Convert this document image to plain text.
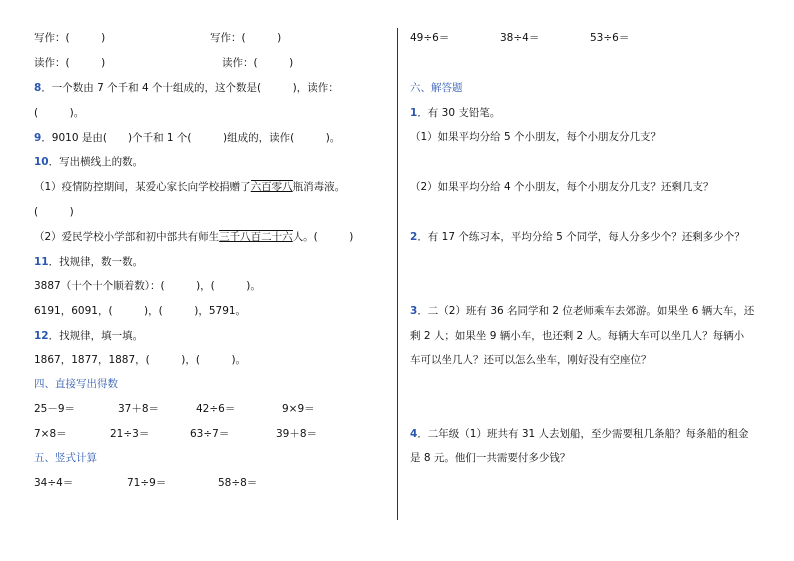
写作：(　　　)	写作：(　　　)
读作：(　　　)	读作：(　　　)
8．一个数由 7 个千和 4 个十组成的，这个数是(　　　)，读作：
(　　　)。
9．9010 是由(　　)个千和 1 个(　　　)组成的，读作(　　　)。
10．写出横线上的数。
（1）疫情防控期间，某爱心家长向学校捐赠了六百零八瓶消毒液。
(　　　)
（2）爱民学校小学部和初中部共有师生三千八百二十六人。(　　　)
11．找规律，数一数。
3887（十个十个顺着数）：(　　　)，(　　　)。
6191，6091，(　　　)，(　　　)，5791。
12．找规律，填一填。
1867，1877，1887，(　　　)，(　　　)。
四、直接写出得数
25－9＝	37＋8＝	42÷6＝	9×9＝
7×8＝	21÷3＝	63÷7＝	39＋8＝
五、竖式计算
34÷4＝	71÷9＝	58÷8＝
49÷6＝	38÷4＝	53÷6＝
六、解答题
1．有 30 支铅笔。
（1）如果平均分给 5 个小朋友，每个小朋友分几支？
（2）如果平均分给 4 个小朋友，每个小朋友分几支？还剩几支？
2．有 17 个练习本，平均分给 5 个同学，每人分多少个？还剩多少个？
3．二（2）班有 36 名同学和 2 位老师乘车去郊游。如果坐 6 辆大车，还
剩 2 人；如果坐 9 辆小车，也还剩 2 人。每辆大车可以坐几人？每辆小
车可以坐几人？还可以怎么坐车，刚好没有空座位？
4．二年级（1）班共有 31 人去划船，至少需要租几条船？每条船的租金
是 8 元。他们一共需要付多少钱？
